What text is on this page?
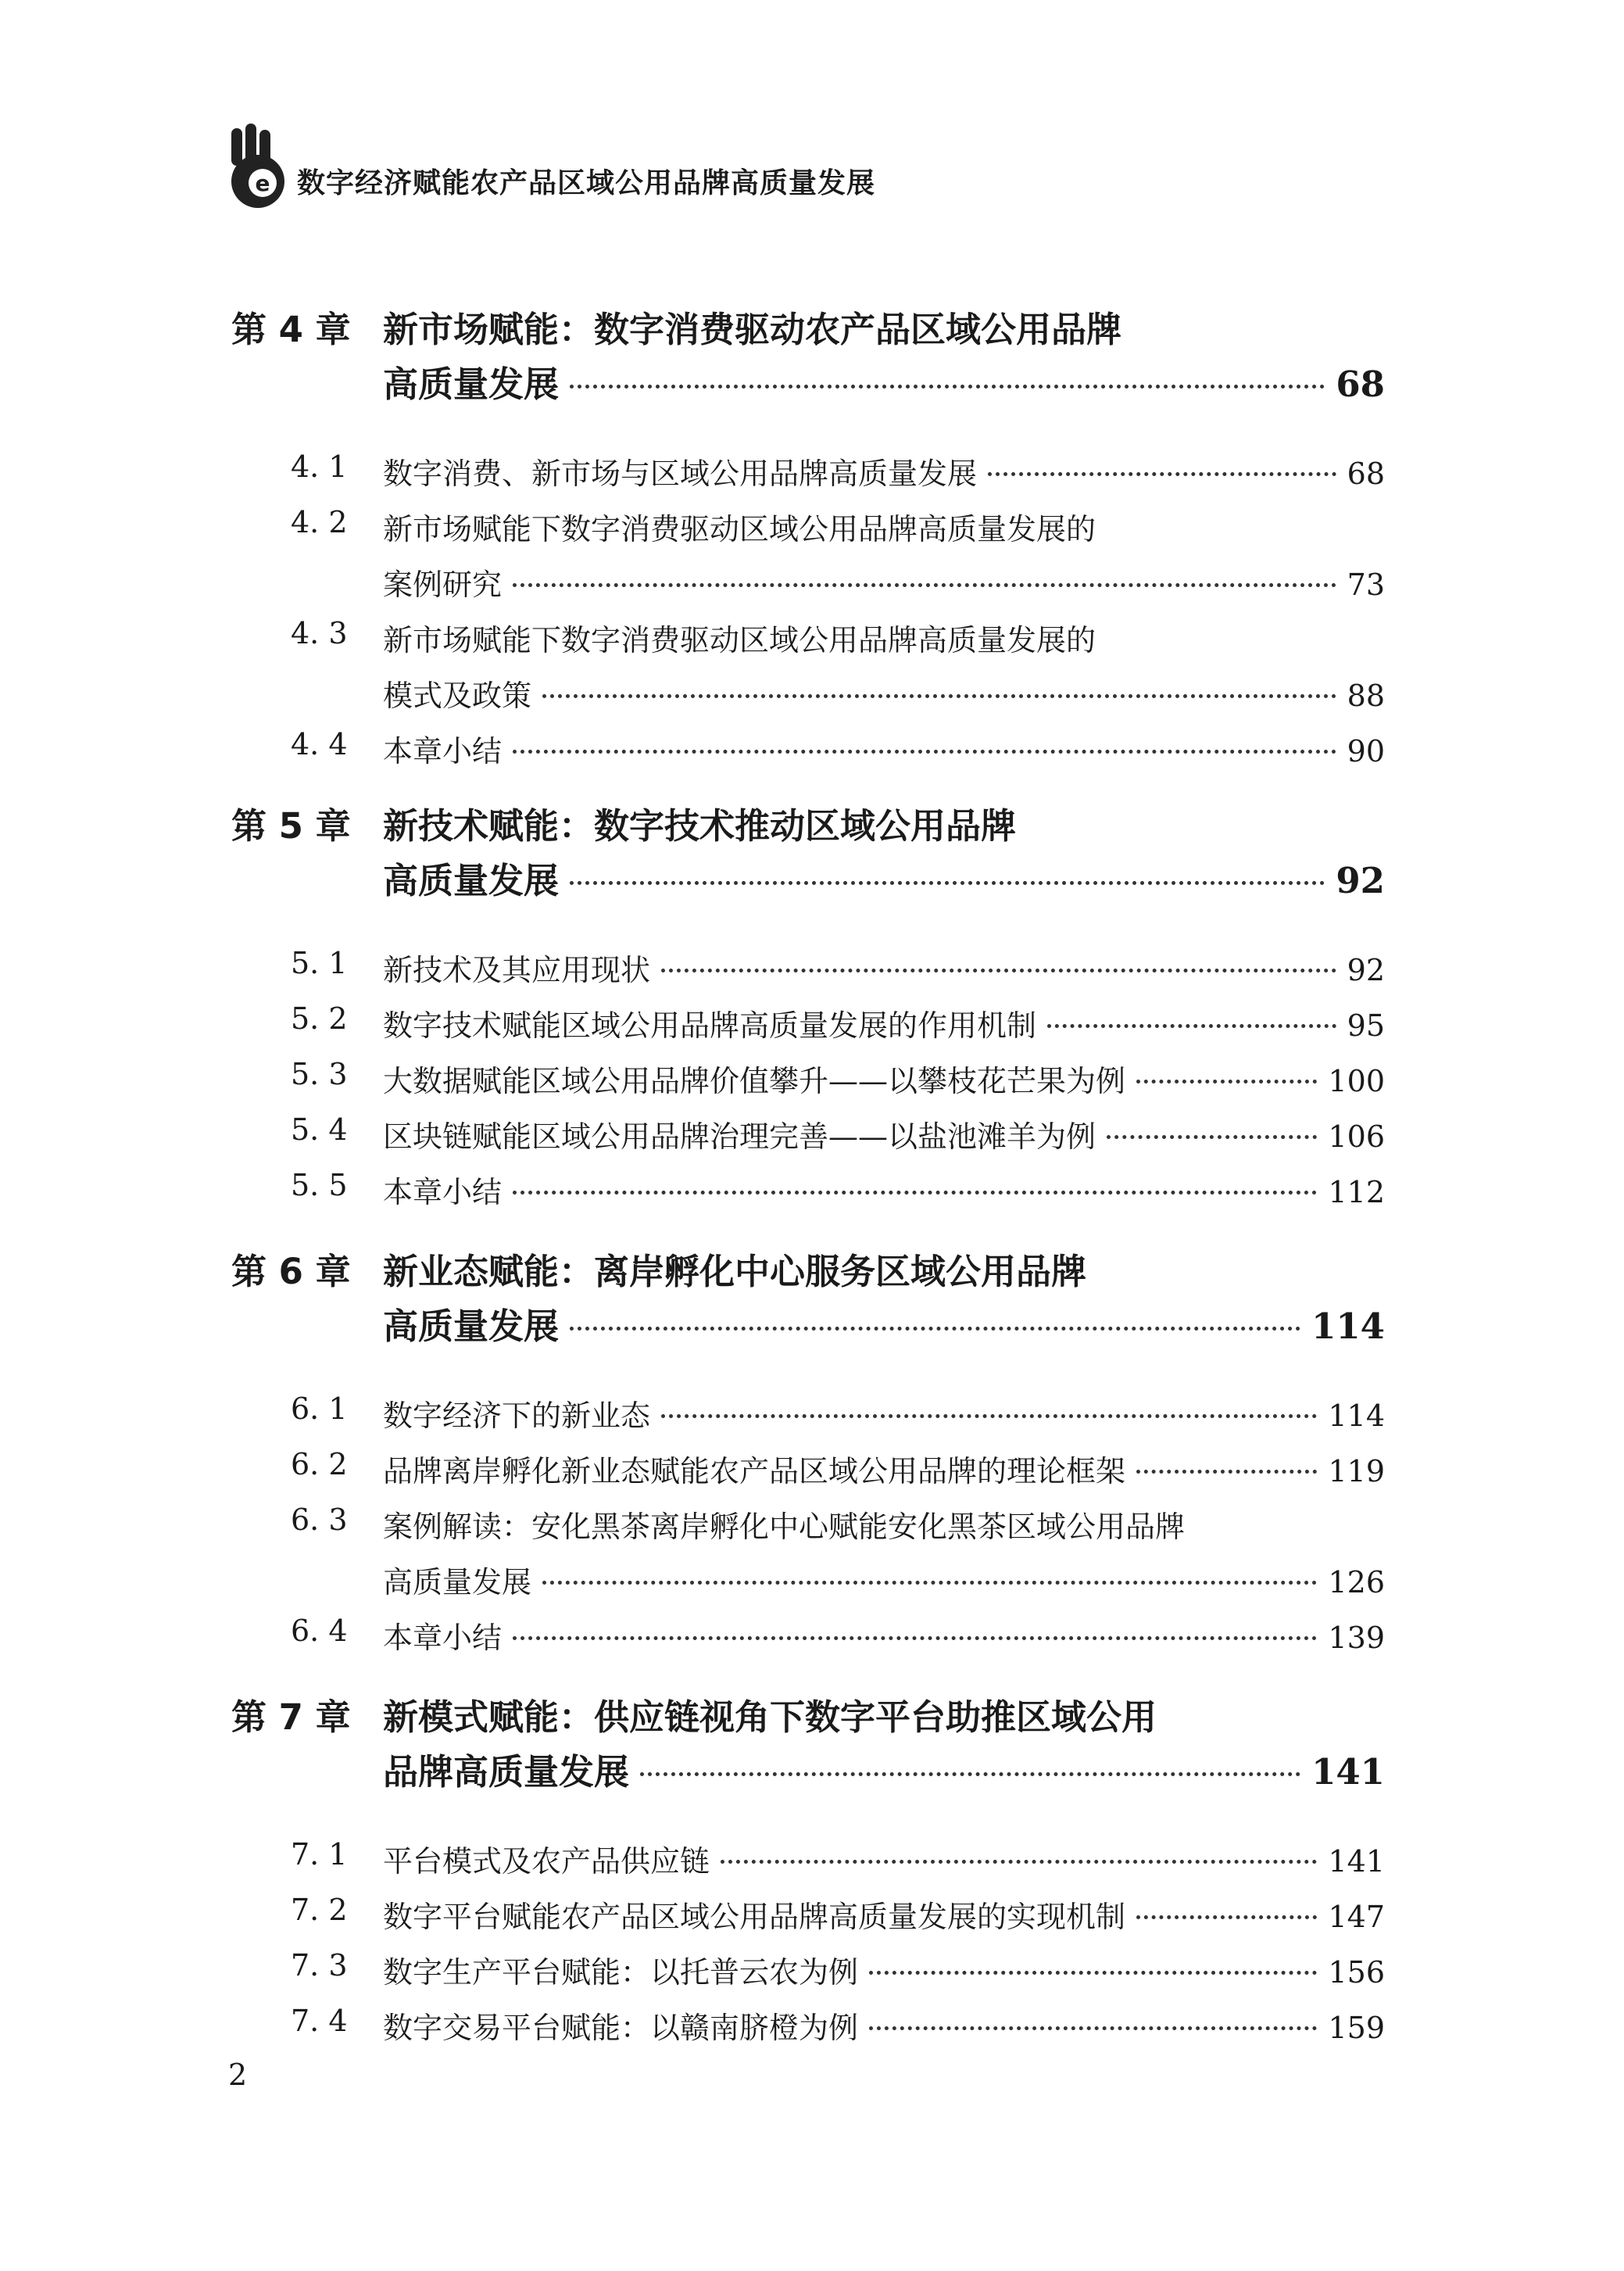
e 数字经济赋能农产品区域公用品牌高质量发展
第 4 章 新市场赋能：数字消费驱动农产品区域公用品牌
高质量发展	68
4. 1 数字消费、新市场与区域公用品牌高质量发展	68
4. 2 新市场赋能下数字消费驱动区域公用品牌高质量发展的
案例研究	73
4. 3 新市场赋能下数字消费驱动区域公用品牌高质量发展的
模式及政策	88
4. 4 本章小结	90
第 5 章 新技术赋能：数字技术推动区域公用品牌
高质量发展	92
5. 1 新技术及其应用现状	92
5. 2 数字技术赋能区域公用品牌高质量发展的作用机制	95
5. 3 大数据赋能区域公用品牌价值攀升——以攀枝花芒果为例	100
5. 4 区块链赋能区域公用品牌治理完善——以盐池滩羊为例	106
5. 5 本章小结	112
第 6 章 新业态赋能：离岸孵化中心服务区域公用品牌
高质量发展	114
6. 1 数字经济下的新业态	114
6. 2 品牌离岸孵化新业态赋能农产品区域公用品牌的理论框架	119
6. 3 案例解读：安化黑茶离岸孵化中心赋能安化黑茶区域公用品牌
高质量发展	126
6. 4 本章小结	139
第 7 章 新模式赋能：供应链视角下数字平台助推区域公用
品牌高质量发展	141
7. 1 平台模式及农产品供应链	141
7. 2 数字平台赋能农产品区域公用品牌高质量发展的实现机制	147
7. 3 数字生产平台赋能：以托普云农为例	156
7. 4 数字交易平台赋能：以赣南脐橙为例	159
2
